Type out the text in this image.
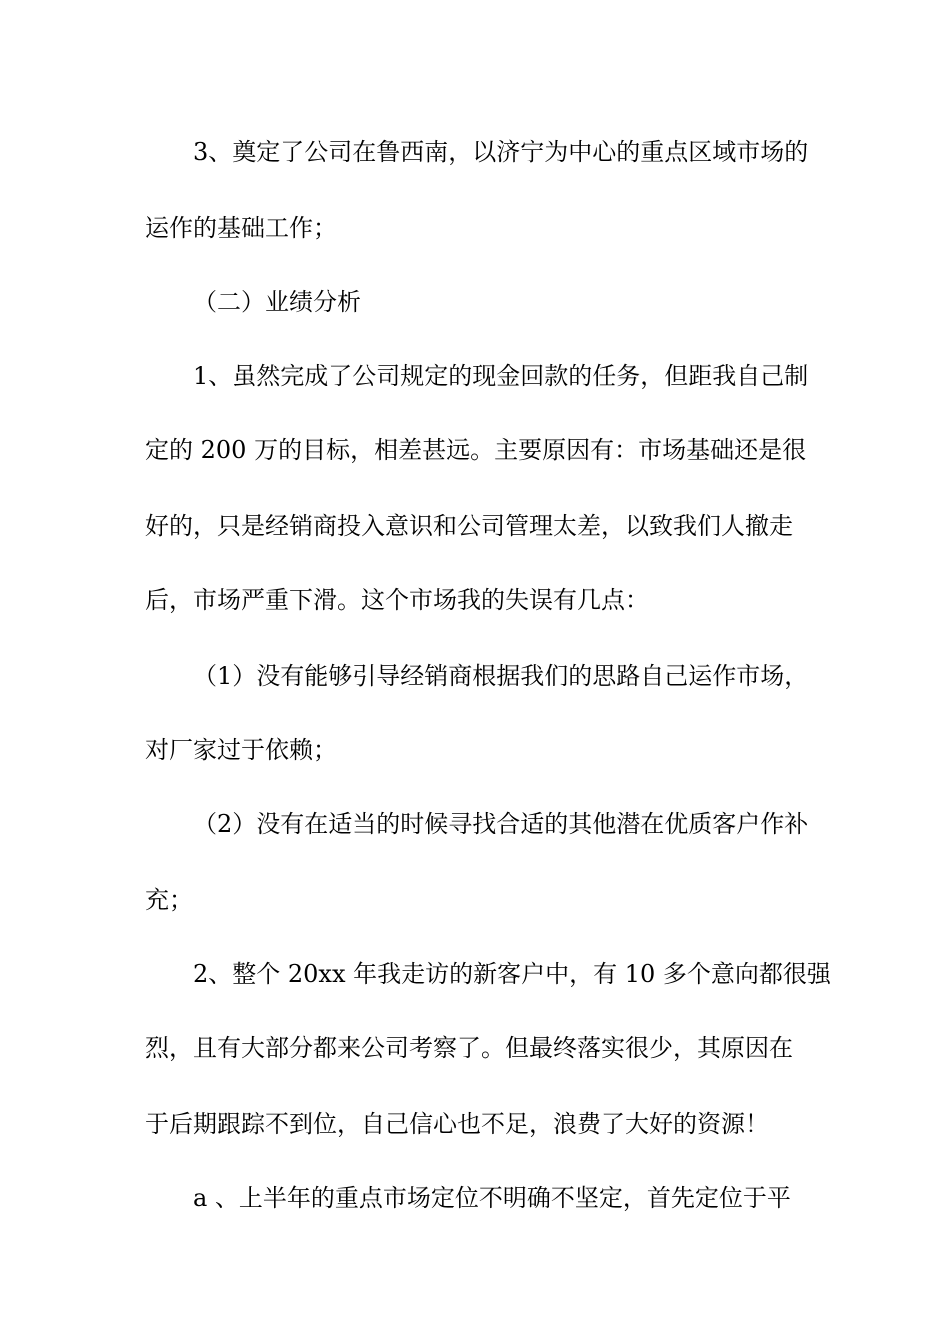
3、奠定了公司在鲁西南，以济宁为中心的重点区域市场的
运作的基础工作；
（二）业绩分析
1、虽然完成了公司规定的现金回款的任务，但距我自己制
定的 200 万的目标，相差甚远。主要原因有：市场基础还是很
好的，只是经销商投入意识和公司管理太差，以致我们人撤走
后，市场严重下滑。这个市场我的失误有几点：
（1）没有能够引导经销商根据我们的思路自己运作市场，
对厂家过于依赖；
（2）没有在适当的时候寻找合适的其他潜在优质客户作补
充；
2、整个 20xx 年我走访的新客户中，有 10 多个意向都很强
烈，且有大部分都来公司考察了。但最终落实很少，其原因在
于后期跟踪不到位，自己信心也不足，浪费了大好的资源！
a 、上半年的重点市场定位不明确不坚定，首先定位于平
